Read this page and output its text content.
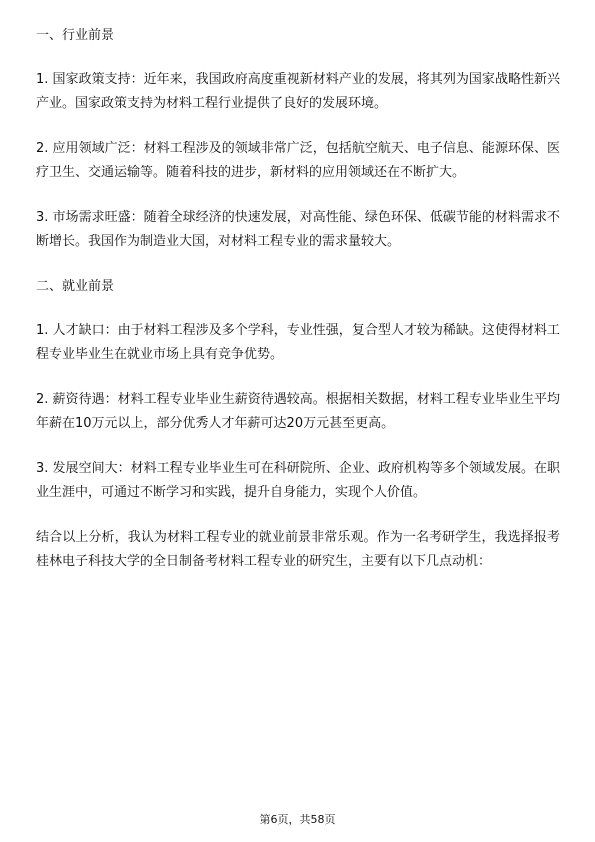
一、行业前景

1. 国家政策支持：近年来，我国政府高度重视新材料产业的发展，将其列为国家战略性新兴产业。国家政策支持为材料工程行业提供了良好的发展环境。

2. 应用领域广泛：材料工程涉及的领域非常广泛，包括航空航天、电子信息、能源环保、医疗卫生、交通运输等。随着科技的进步，新材料的应用领域还在不断扩大。

3. 市场需求旺盛：随着全球经济的快速发展，对高性能、绿色环保、低碳节能的材料需求不断增长。我国作为制造业大国，对材料工程专业的需求量较大。

二、就业前景

1. 人才缺口：由于材料工程涉及多个学科，专业性强，复合型人才较为稀缺。这使得材料工程专业毕业生在就业市场上具有竞争优势。

2. 薪资待遇：材料工程专业毕业生薪资待遇较高。根据相关数据，材料工程专业毕业生平均年薪在10万元以上，部分优秀人才年薪可达20万元甚至更高。

3. 发展空间大：材料工程专业毕业生可在科研院所、企业、政府机构等多个领域发展。在职业生涯中，可通过不断学习和实践，提升自身能力，实现个人价值。

结合以上分析，我认为材料工程专业的就业前景非常乐观。作为一名考研学生，我选择报考桂林电子科技大学的全日制备考材料工程专业的研究生，主要有以下几点动机：

第6页，共58页
